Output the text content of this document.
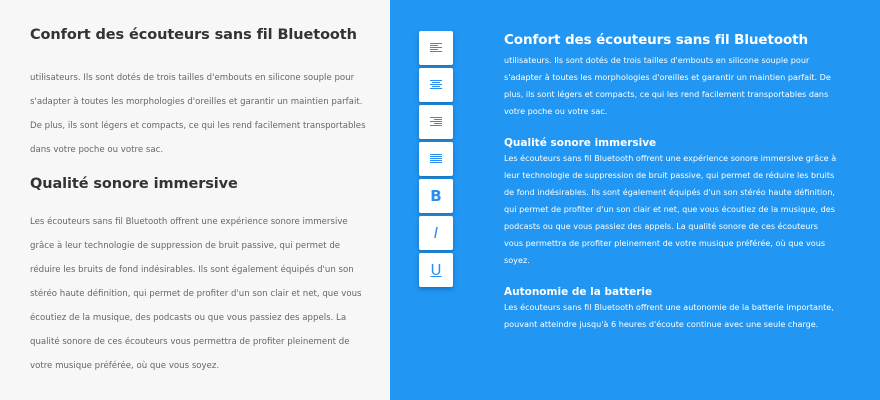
Confort des écouteurs sans fil Bluetooth

utilisateurs. Ils sont dotés de trois tailles d'embouts en silicone souple pour s'adapter à toutes les morphologies d'oreilles et garantir un maintien parfait. De plus, ils sont légers et compacts, ce qui les rend facilement transportables dans votre poche ou votre sac.

Qualité sonore immersive

Les écouteurs sans fil Bluetooth offrent une expérience sonore immersive grâce à leur technologie de suppression de bruit passive, qui permet de réduire les bruits de fond indésirables. Ils sont également équipés d'un son stéréo haute définition, qui permet de profiter d'un son clair et net, que vous écoutiez de la musique, des podcasts ou que vous passiez des appels. La qualité sonore de ces écouteurs vous permettra de profiter pleinement de votre musique préférée, où que vous soyez.

B
I
U
Confort des écouteurs sans fil Bluetooth

utilisateurs. Ils sont dotés de trois tailles d'embouts en silicone souple pour s'adapter à toutes les morphologies d'oreilles et garantir un maintien parfait. De plus, ils sont légers et compacts, ce qui les rend facilement transportables dans votre poche ou votre sac.

Qualité sonore immersive

Les écouteurs sans fil Bluetooth offrent une expérience sonore immersive grâce à leur technologie de suppression de bruit passive, qui permet de réduire les bruits de fond indésirables. Ils sont également équipés d'un son stéréo haute définition, qui permet de profiter d'un son clair et net, que vous écoutiez de la musique, des podcasts ou que vous passiez des appels. La qualité sonore de ces écouteurs vous permettra de profiter pleinement de votre musique préférée, où que vous soyez.

Autonomie de la batterie

Les écouteurs sans fil Bluetooth offrent une autonomie de la batterie importante, pouvant atteindre jusqu'à 6 heures d'écoute continue avec une seule charge.
